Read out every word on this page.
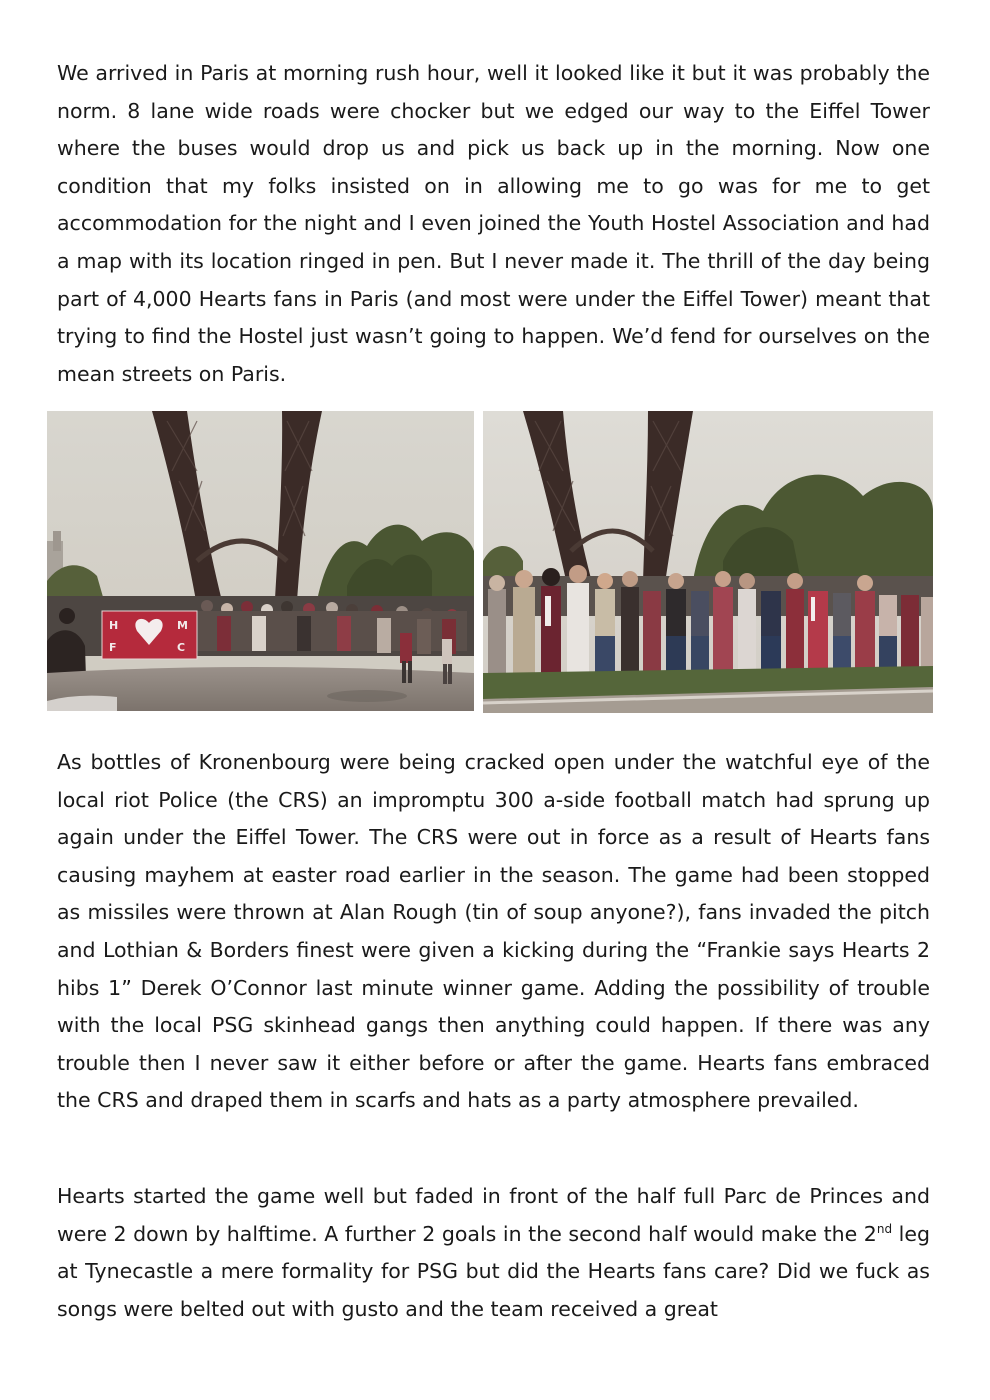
We arrived in Paris at morning rush hour, well it looked like it but it was probably the norm. 8 lane wide roads were chocker but we edged our way to the Eiffel Tower where the buses would drop us and pick us back up in the morning. Now one condition that my folks insisted on in allowing me to go was for me to get accommodation for the night and I even joined the Youth Hostel Association and had a map with its location ringed in pen. But I never made it. The thrill of the day being part of 4,000 Hearts fans in Paris (and most were under the Eiffel Tower) meant that trying to find the Hostel just wasn’t going to happen. We’d fend for ourselves on the mean streets on Paris.

H
F
M
C

As bottles of Kronenbourg were being cracked open under the watchful eye of the local riot Police (the CRS) an impromptu 300 a-side football match had sprung up again under the Eiffel Tower. The CRS were out in force as a result of Hearts fans causing mayhem at easter road earlier in the season. The game had been stopped as missiles were thrown at Alan Rough (tin of soup anyone?), fans invaded the pitch and Lothian & Borders finest were given a kicking during the “Frankie says Hearts 2 hibs 1” Derek O’Connor last minute winner game. Adding the possibility of trouble with the local PSG skinhead gangs then anything could happen. If there was any trouble then I never saw it either before or after the game. Hearts fans embraced the CRS and draped them in scarfs and hats as a party atmosphere prevailed.

Hearts started the game well but faded in front of the half full Parc de Princes and were 2 down by halftime. A further 2 goals in the second half would make the 2nd leg at Tynecastle a mere formality for PSG but did the Hearts fans care? Did we fuck as songs were belted out with gusto and the team received a great
